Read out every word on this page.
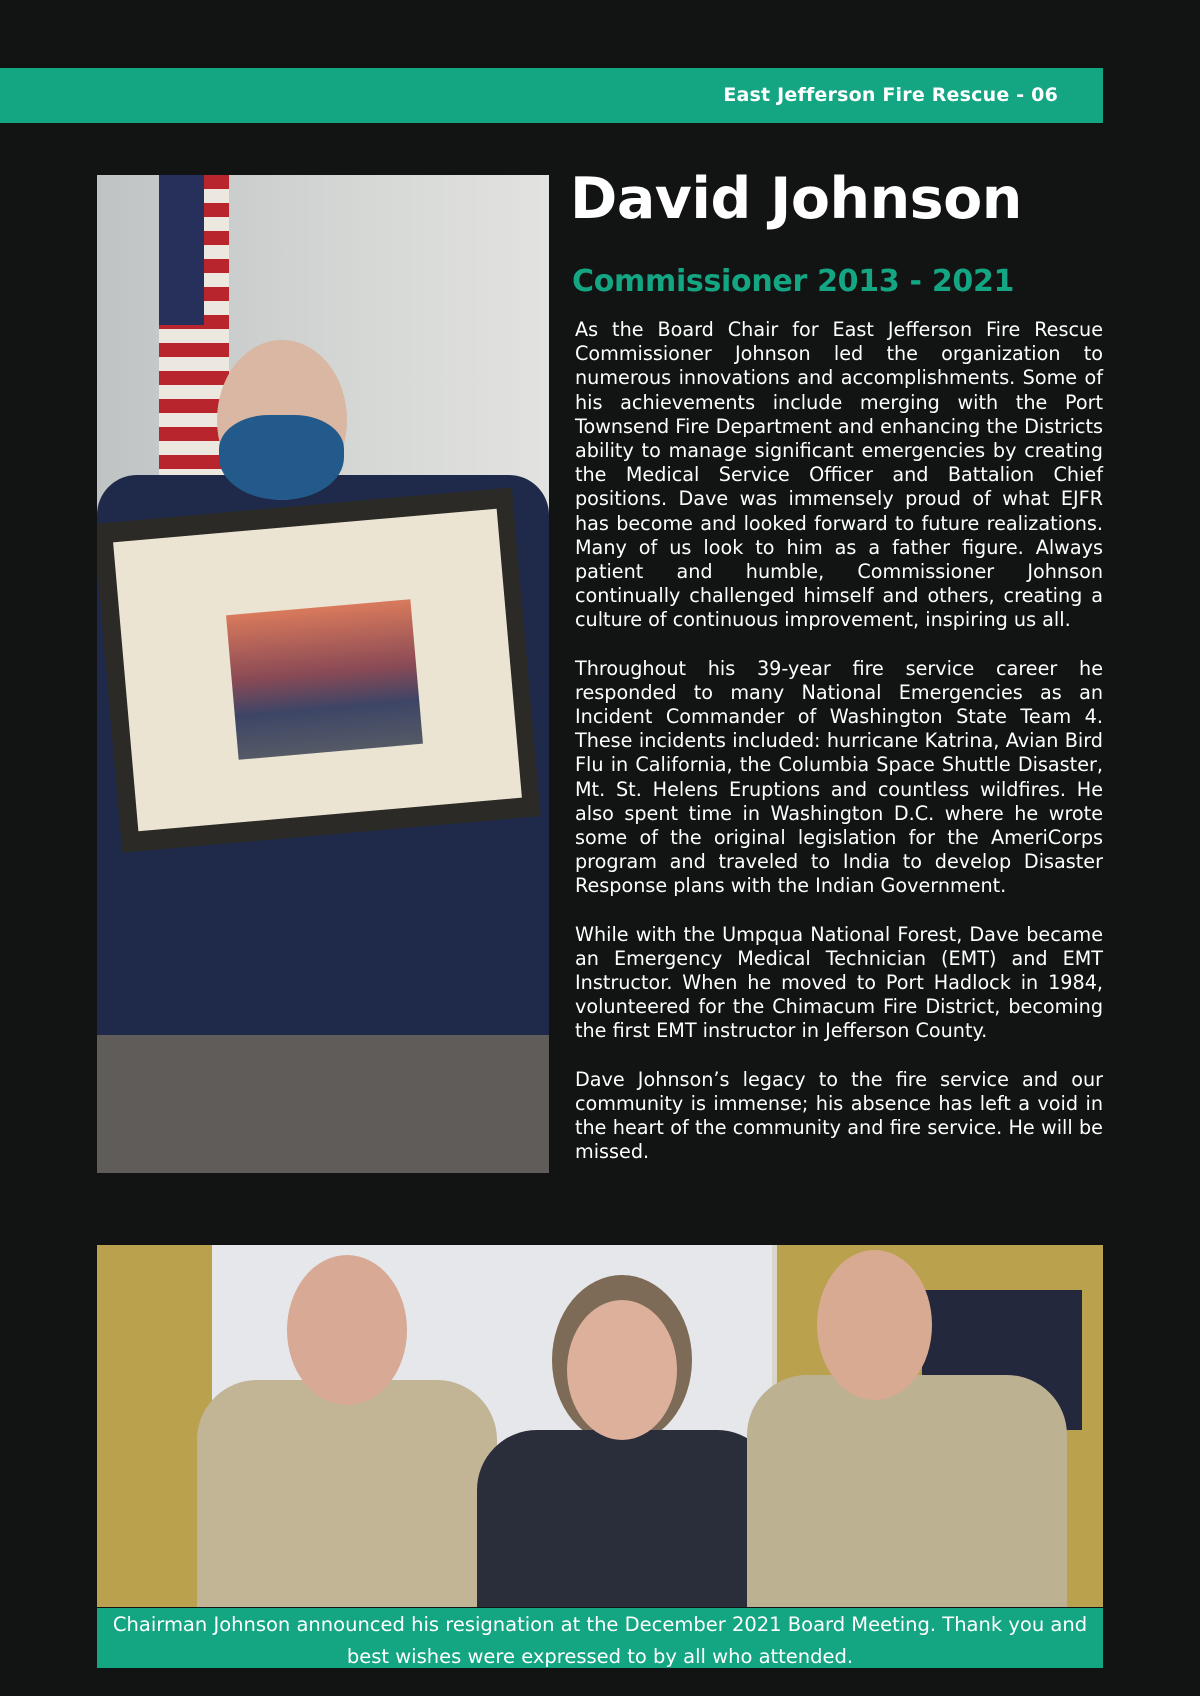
East Jefferson Fire Rescue - 06
David Johnson
Commissioner 2013 - 2021

As the Board Chair for East Jefferson Fire Rescue Commissioner Johnson led the organization to numerous innovations and accomplishments. Some of his achievements include merging with the Port Townsend Fire Department and enhancing the Districts ability to manage significant emergencies by creating the Medical Service Officer and Battalion Chief positions. Dave was immensely proud of what EJFR has become and looked forward to future realizations. Many of us look to him as a father figure. Always patient and humble, Commissioner Johnson continually challenged himself and others, creating a culture of continuous improvement, inspiring us all.

Throughout his 39-year fire service career he responded to many National Emergencies as an Incident Commander of Washington State Team 4. These incidents included: hurricane Katrina, Avian Bird Flu in California, the Columbia Space Shuttle Disaster, Mt. St. Helens Eruptions and countless wildfires. He also spent time in Washington D.C. where he wrote some of the original legislation for the AmeriCorps program and traveled to India to develop Disaster Response plans with the Indian Government.

While with the Umpqua National Forest, Dave became an Emergency Medical Technician (EMT) and EMT Instructor. When he moved to Port Hadlock in 1984, volunteered for the Chimacum Fire District, becoming the first EMT instructor in Jefferson County.

Dave Johnson’s legacy to the fire service and our community is immense; his absence has left a void in the heart of the community and fire service. He will be missed.

Chairman Johnson announced his resignation at the December 2021 Board Meeting. Thank you and best wishes were expressed to by all who attended.
